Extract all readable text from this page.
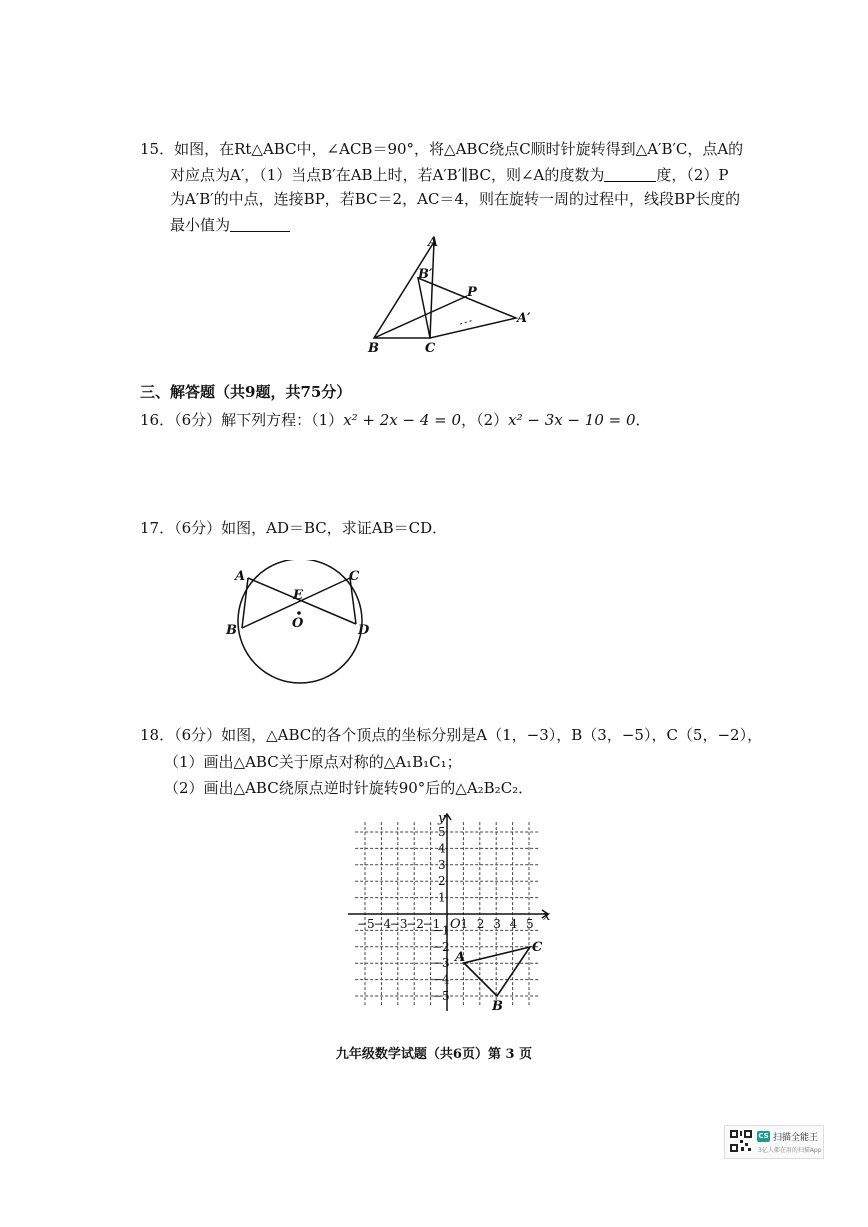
15．如图，在Rt△ABC中，∠ACB＝90°，将△ABC绕点C顺时针旋转得到△A′B′C，点A的
对应点为A′，（1）当点B′在AB上时，若A′B′∥BC，则∠A的度数为	度，（2）P
为A′B′的中点，连接BP，若BC＝2，AC＝4，则在旋转一周的过程中，线段BP长度的
最小值为
A
B′
P
A′
B	C
三、解答题（共9题，共75分）
16．（6分）解下列方程：（1）x² + 2x − 4 = 0，（2）x² − 3x − 10 = 0．
17．（6分）如图，AD＝BC，求证AB＝CD．
A	C
E
O
B	D
18．（6分）如图，△ABC的各个顶点的坐标分别是A（1，−3），B（3，−5），C（5，−2），
（1）画出△ABC关于原点对称的△A₁B₁C₁；
（2）画出△ABC绕原点逆时针旋转90°后的△A₂B₂C₂．
−5
−4
−3
−2
−1 1 2 3 4 5
5
4
3
2
1
−1
−2
−3
−4
−5
x
y
O
A
B
C
九年级数学试题（共6页）第 3 页
CS 扫描全能王
3亿人都在用的扫描App
